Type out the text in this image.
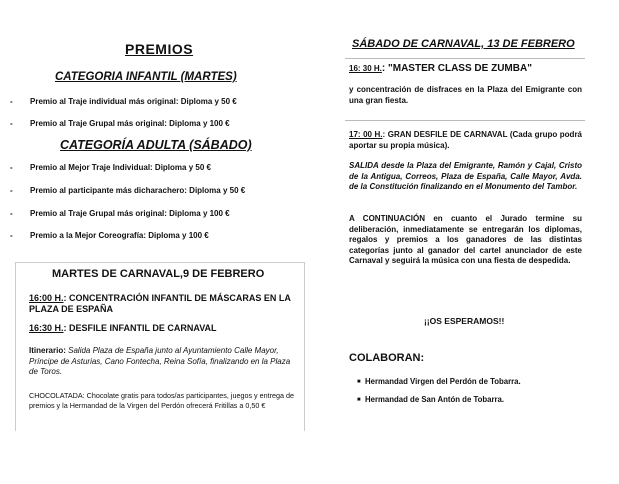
PREMIOS
CATEGORIA INFANTIL (MARTES)
- Premio al Traje individual más original: Diploma y 50 €
- Premio al Traje Grupal más original: Diploma y 100 €
CATEGORÍA ADULTA (SÁBADO)
- Premio al Mejor Traje Individual: Diploma y 50 €
- Premio al participante más dicharachero: Diploma y 50 €
- Premio al Traje Grupal más original: Diploma y 100 €
- Premio a la Mejor Coreografía: Diploma y 100 €
MARTES DE CARNAVAL,9 DE FEBRERO
16:00 H.: CONCENTRACIÓN INFANTIL DE MÁSCARAS EN LA PLAZA DE ESPAÑA
16:30 H.: DESFILE INFANTIL DE CARNAVAL
Itinerario: Salida Plaza de España junto al Ayuntamiento Calle Mayor, Príncipe de Asturias, Cano Fontecha, Reina Sofía, finalizando en la Plaza de Toros.
CHOCOLATADA: Chocolate gratis para todos/as participantes, juegos y entrega de premios y la Hermandad de la Virgen del Perdón ofrecerá Fritillas a 0,50 €
SÁBADO DE CARNAVAL, 13 DE FEBRERO
16: 30 H.: "MASTER CLASS DE ZUMBA"
y concentración de disfraces en la Plaza del Emigrante con una gran fiesta.
17: 00 H.: GRAN DESFILE DE CARNAVAL (Cada grupo podrá aportar su propia música).
SALIDA desde la Plaza del Emigrante, Ramón y Cajal, Cristo de la Antigua, Correos, Plaza de España, Calle Mayor, Avda. de la Constitución finalizando en el Monumento del Tambor.
A CONTINUACIÓN en cuanto el Jurado termine su deliberación, inmediatamente se entregarán los diplomas, regalos y premios a los ganadores de las distintas categorías junto al ganador del cartel anunciador de este Carnaval y seguirá la música con una fiesta de despedida.
¡¡OS ESPERAMOS!!
COLABORAN:
■ Hermandad Virgen del Perdón de Tobarra.
■ Hermandad de San Antón de Tobarra.
